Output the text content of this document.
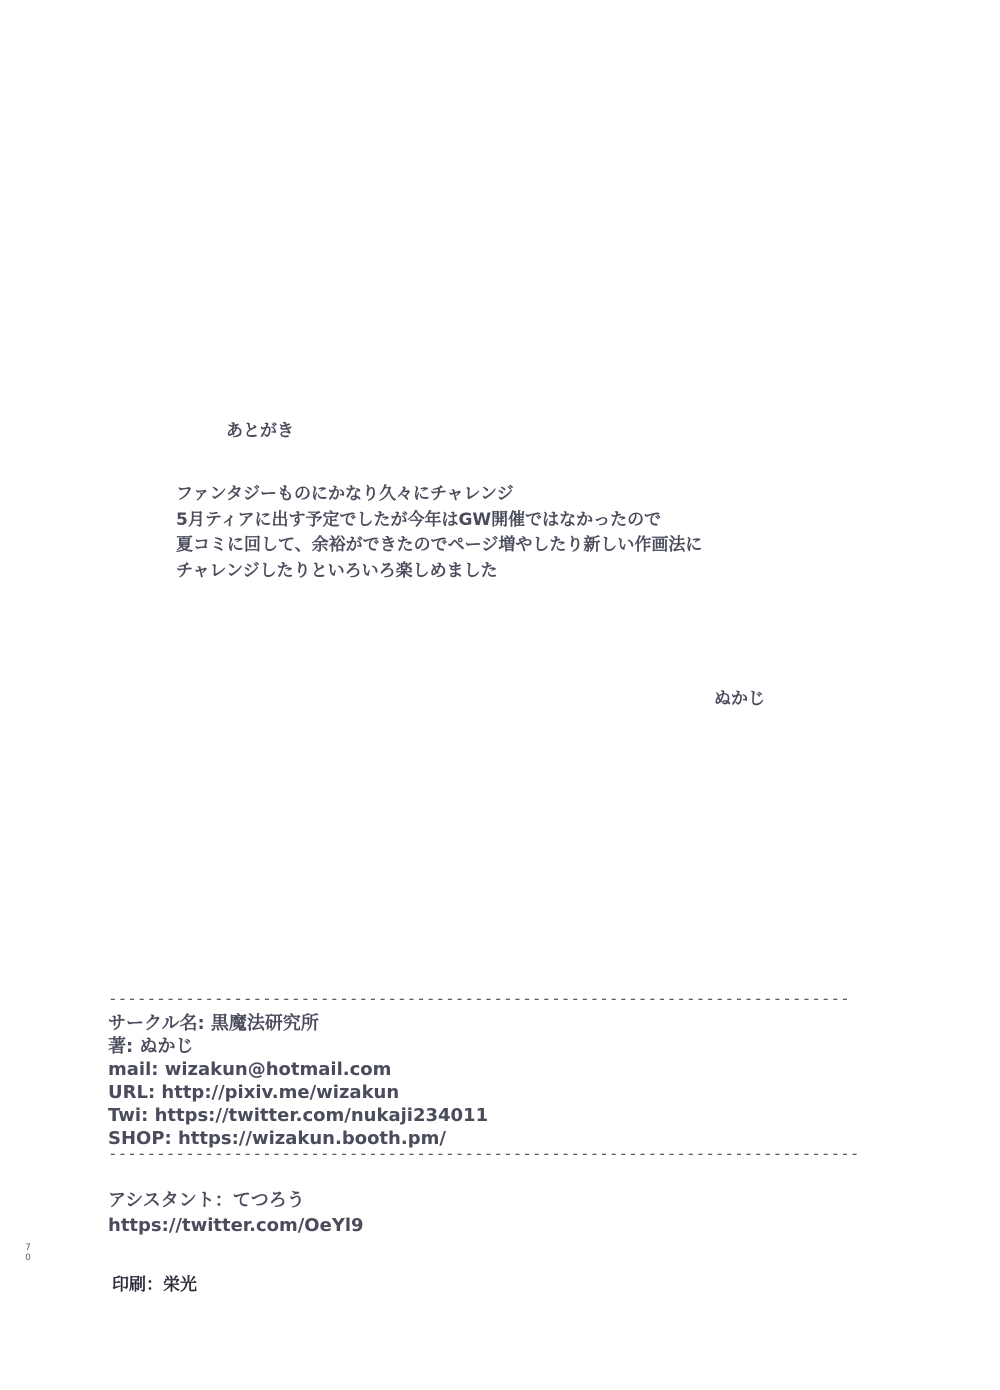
あとがき
ファンタジーものにかなり久々にチャレンジ
5月ティアに出す予定でしたが今年はGW開催ではなかったので
夏コミに回して、余裕ができたのでページ増やしたり新しい作画法に
チャレンジしたりといろいろ楽しめました
ぬかじ
-----------------------------------------------------------------------------
サークル名: 黒魔法研究所
著: ぬかじ
mail: wizakun@hotmail.com
URL: http://pixiv.me/wizakun
Twi: https://twitter.com/nukaji234011
SHOP: https://wizakun.booth.pm/
------------------------------------------------------------------------------
アシスタント：てつろう
https://twitter.com/OeYl9
70
印刷：栄光
